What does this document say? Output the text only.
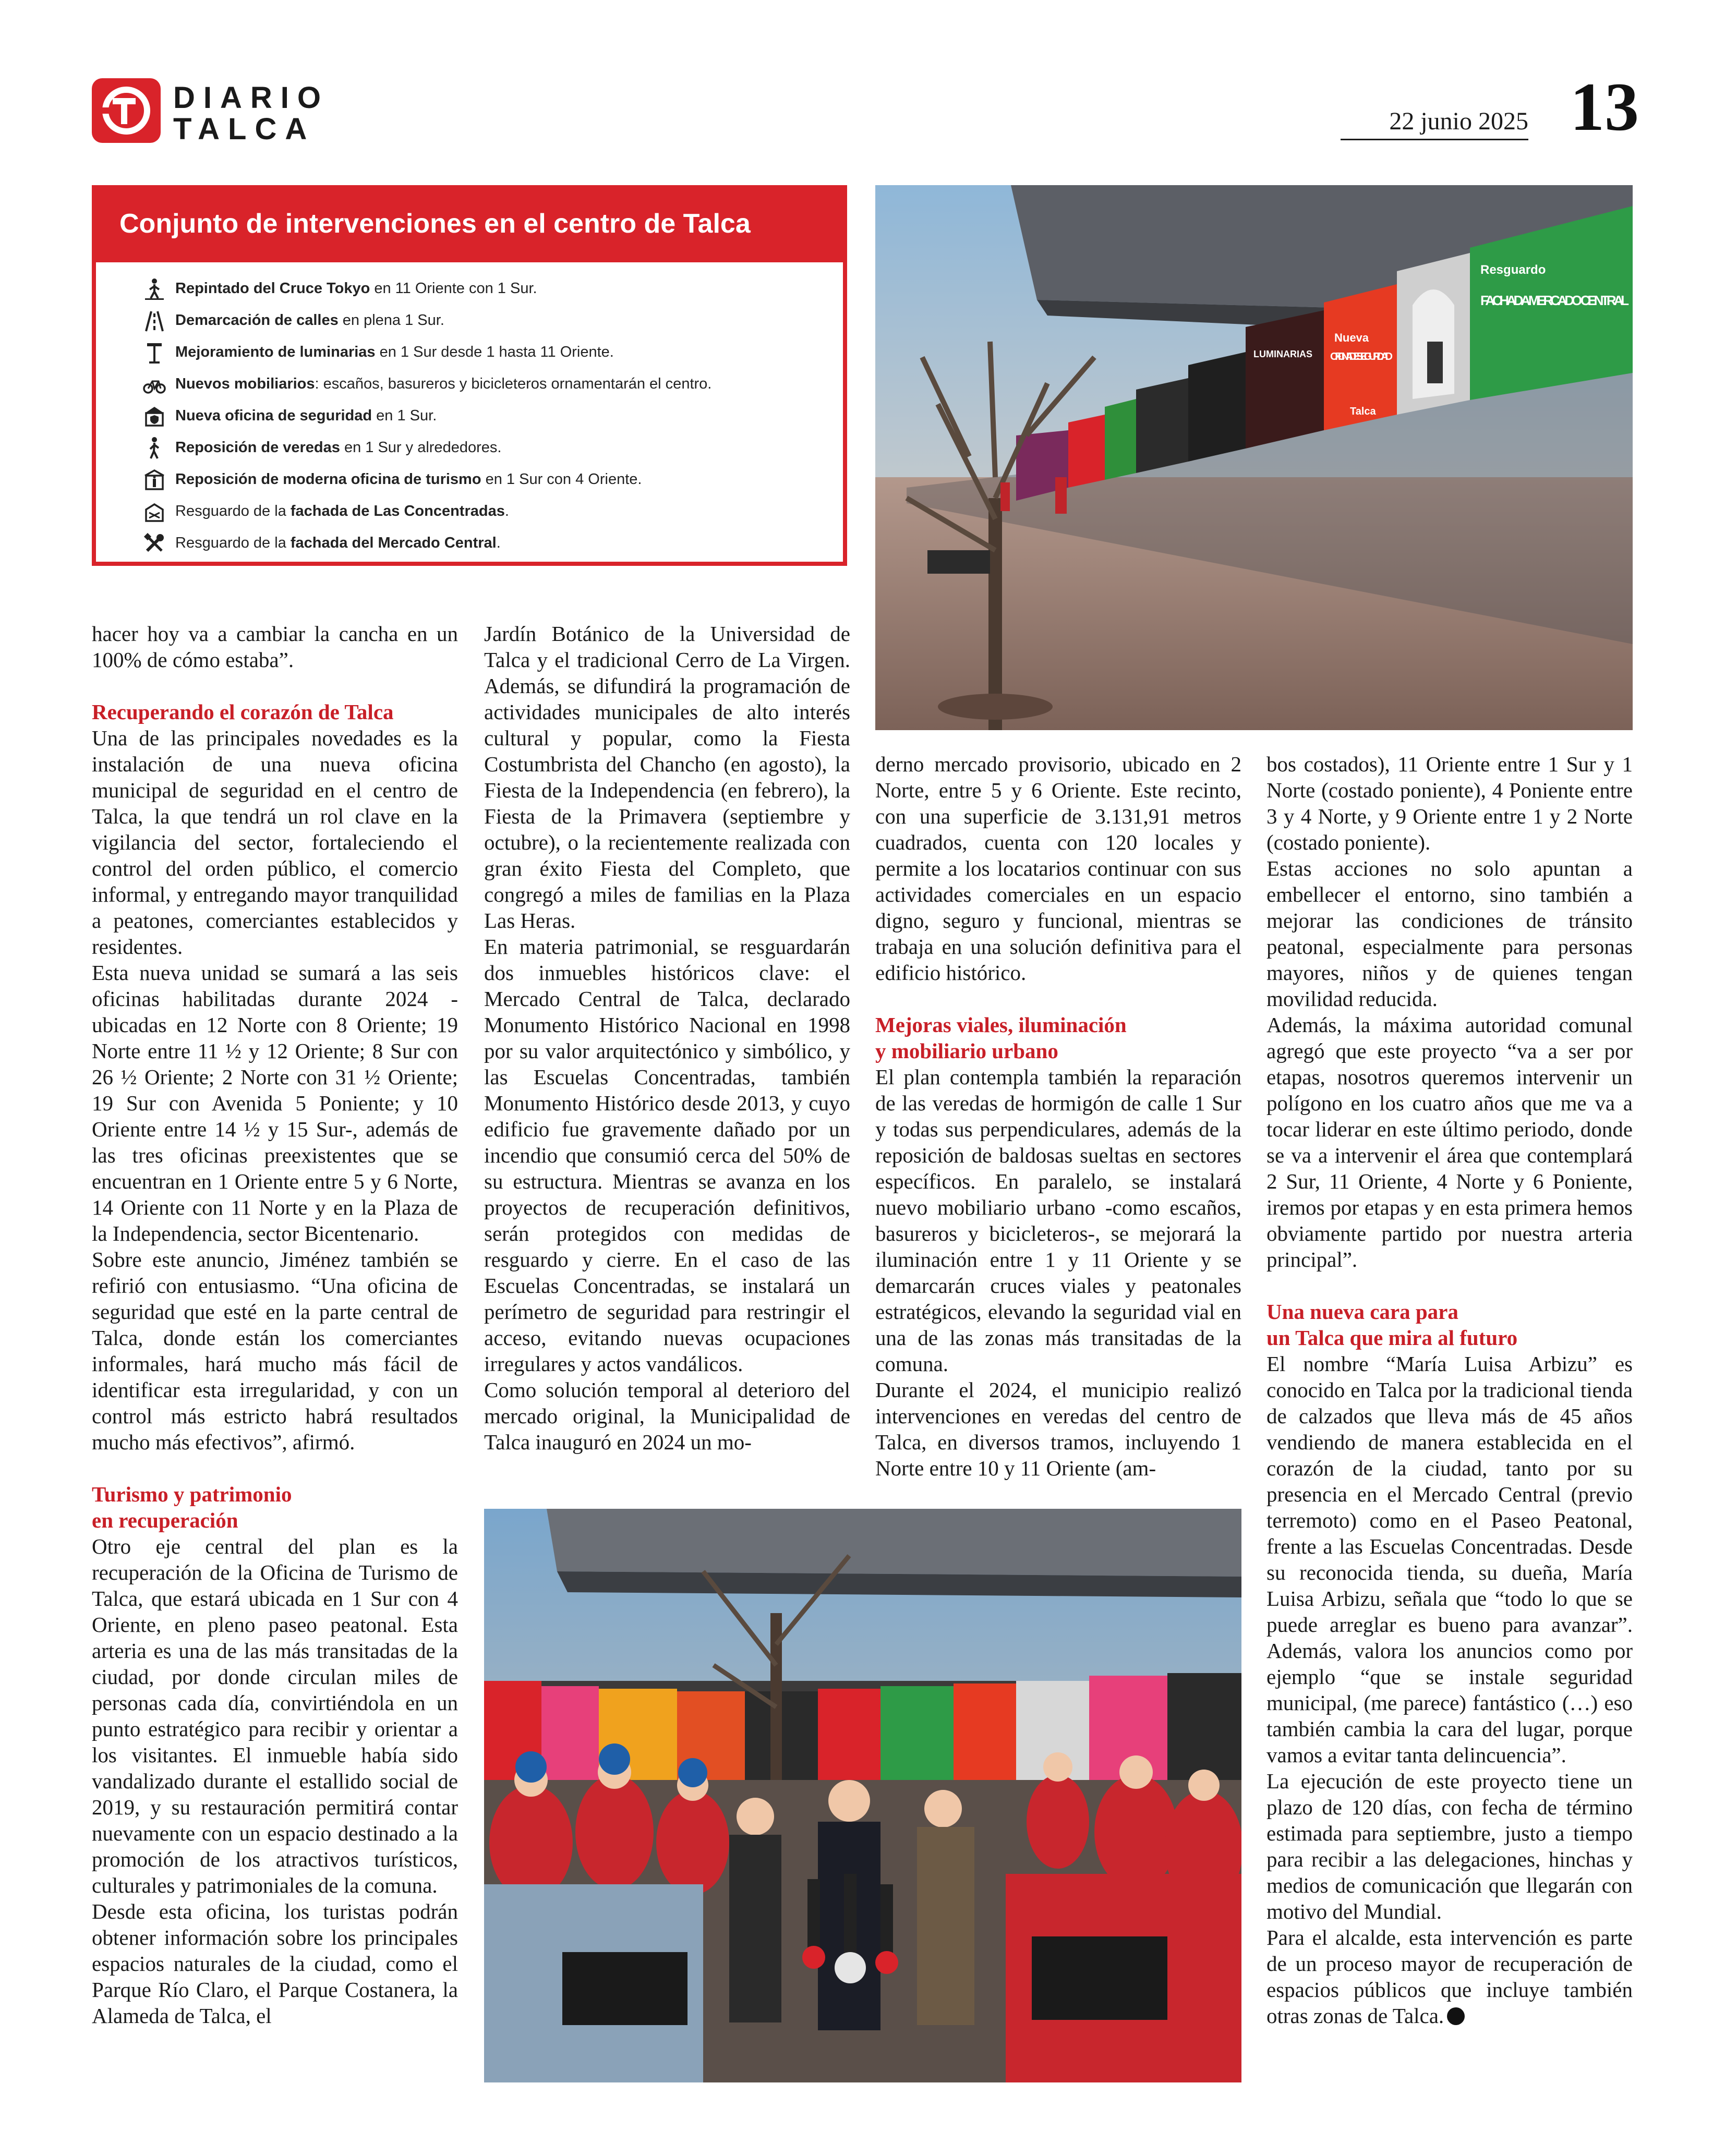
DIARIO
TALCA	22 junio 2025 13
Conjunto de intervenciones en el centro de Talca
Repintado del Cruce Tokyo en 11 Oriente con 1 Sur.
Demarcación de calles en plena 1 Sur.
Mejoramiento de luminarias en 1 Sur desde 1 hasta 11 Oriente.
Nuevos mobiliarios: escaños, basureros y bicicleteros ornamentarán el centro.
Nueva oficina de seguridad en 1 Sur.
Reposición de veredas en 1 Sur y alrededores.
Reposición de moderna oficina de turismo en 1 Sur con 4 Oriente.
Resguardo de la fachada de Las Concentradas.
Resguardo de la fachada del Mercado Central.
Nueva
OFICINA DE SEGURIDAD
LUMINARIAS
Resguardo
FACHADA MERCADO CENTRAL
Talca

hacer hoy va a cambiar la cancha en un 100% de cómo estaba”.

Recuperando el corazón de Talca

Una de las principales novedades es la instalación de una nueva oficina municipal de seguridad en el centro de Talca, la que tendrá un rol clave en la vigilancia del sector, fortaleciendo el control del orden público, el comercio informal, y entregando mayor tranquilidad a peatones, comerciantes establecidos y residentes.

Esta nueva unidad se sumará a las seis oficinas habilitadas durante 2024 -ubicadas en 12 Norte con 8 Oriente; 19 Norte entre 11 ½ y 12 Oriente; 8 Sur con 26 ½ Oriente; 2 Norte con 31 ½ Oriente; 19 Sur con Avenida 5 Poniente; y 10 Oriente entre 14 ½ y 15 Sur-, además de las tres oficinas preexistentes que se encuentran en 1 Oriente entre 5 y 6 Norte, 14 Oriente con 11 Norte y en la Plaza de la Independencia, sector Bicentenario.

Sobre este anuncio, Jiménez también se refirió con entusiasmo. “Una oficina de seguridad que esté en la parte central de Talca, donde están los comerciantes informales, hará mucho más fácil de identificar esta irregularidad, y con un control más estricto habrá resultados mucho más efectivos”, afirmó.

Turismo y patrimonio
en recuperación

Otro eje central del plan es la recuperación de la Oficina de Turismo de Talca, que estará ubicada en 1 Sur con 4 Oriente, en pleno paseo peatonal. Esta arteria es una de las más transitadas de la ciudad, por donde circulan miles de personas cada día, convirtiéndola en un punto estratégico para recibir y orientar a los visitantes. El inmueble había sido vandalizado durante el estallido social de 2019, y su restauración permitirá contar nuevamente con un espacio destinado a la promoción de los atractivos turísticos, culturales y patrimoniales de la comuna.

Desde esta oficina, los turistas podrán obtener información sobre los principales espacios naturales de la ciudad, como el Parque Río Claro, el Parque Costanera, la Alameda de Talca, el

Jardín Botánico de la Universidad de Talca y el tradicional Cerro de La Virgen. Además, se difundirá la programación de actividades municipales de alto interés cultural y popular, como la Fiesta Costumbrista del Chancho (en agosto), la Fiesta de la Independencia (en febrero), la Fiesta de la Primavera (septiembre y octubre), o la recientemente realizada con gran éxito Fiesta del Completo, que congregó a miles de familias en la Plaza Las Heras.

En materia patrimonial, se resguardarán dos inmuebles históricos clave: el Mercado Central de Talca, declarado Monumento Histórico Nacional en 1998 por su valor arquitectónico y simbólico, y las Escuelas Concentradas, también Monumento Histórico desde 2013, y cuyo edificio fue gravemente dañado por un incendio que consumió cerca del 50% de su estructura. Mientras se avanza en los proyectos de recuperación definitivos, serán protegidos con medidas de resguardo y cierre. En el caso de las Escuelas Concentradas, se instalará un perímetro de seguridad para restringir el acceso, evitando nuevas ocupaciones irregulares y actos vandálicos.

Como solución temporal al deterioro del mercado original, la Municipalidad de Talca inauguró en 2024 un mo-

derno mercado provisorio, ubicado en 2 Norte, entre 5 y 6 Oriente. Este recinto, con una superficie de 3.131,91 metros cuadrados, cuenta con 120 locales y permite a los locatarios continuar con sus actividades comerciales en un espacio digno, seguro y funcional, mientras se trabaja en una solución definitiva para el edificio histórico.

Mejoras viales, iluminación
y mobiliario urbano

El plan contempla también la reparación de las veredas de hormigón de calle 1 Sur y todas sus perpendiculares, además de la reposición de baldosas sueltas en sectores específicos. En paralelo, se instalará nuevo mobiliario urbano -como escaños, basureros y bicicleteros-, se mejorará la iluminación entre 1 y 11 Oriente y se demarcarán cruces viales y peatonales estratégicos, elevando la seguridad vial en una de las zonas más transitadas de la comuna.

Durante el 2024, el municipio realizó intervenciones en veredas del centro de Talca, en diversos tramos, incluyendo 1 Norte entre 10 y 11 Oriente (am-

bos costados), 11 Oriente entre 1 Sur y 1 Norte (costado poniente), 4 Poniente entre 3 y 4 Norte, y 9 Oriente entre 1 y 2 Norte (costado poniente).

Estas acciones no solo apuntan a embellecer el entorno, sino también a mejorar las condiciones de tránsito peatonal, especialmente para personas mayores, niños y de quienes tengan movilidad reducida.

Además, la máxima autoridad comunal agregó que este proyecto “va a ser por etapas, nosotros queremos intervenir un polígono en los cuatro años que me va a tocar liderar en este último periodo, donde se va a intervenir el área que contemplará 2 Sur, 11 Oriente, 4 Norte y 6 Poniente, iremos por etapas y en esta primera hemos obviamente partido por nuestra arteria principal”.

Una nueva cara para
un Talca que mira al futuro

El nombre “María Luisa Arbizu” es conocido en Talca por la tradicional tienda de calzados que lleva más de 45 años vendiendo de manera establecida en el corazón de la ciudad, tanto por su presencia en el Mercado Central (previo terremoto) como en el Paseo Peatonal, frente a las Escuelas Concentradas. Desde su reconocida tienda, su dueña, María Luisa Arbizu, señala que “todo lo que se puede arreglar es bueno para avanzar”. Además, valora los anuncios como por ejemplo “que se instale seguridad municipal, (me parece) fantástico (…) eso también cambia la cara del lugar, porque vamos a evitar tanta delincuencia”.

La ejecución de este proyecto tiene un plazo de 120 días, con fecha de término estimada para septiembre, justo a tiempo para recibir a las delegaciones, hinchas y medios de comunicación que llegarán con motivo del Mundial.

Para el alcalde, esta intervención es parte de un proceso mayor de recuperación de espacios públicos que incluye también otras zonas de Talca.
